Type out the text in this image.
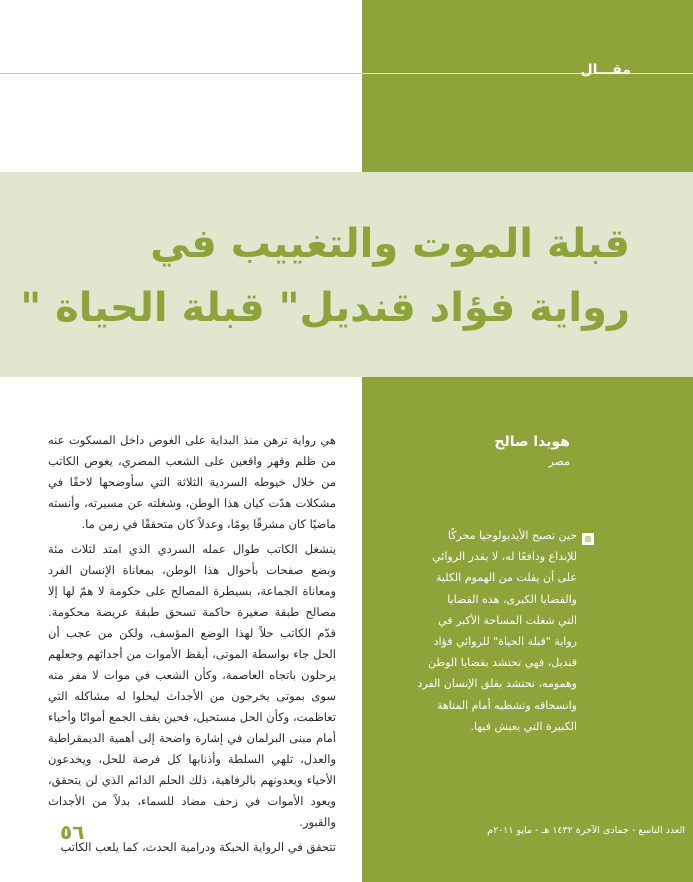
مقـــال
قبلة الموت والتغييب في
رواية فؤاد قنديل" قبلة الحياة "
هويدا صالح
مصر
حين تصبح الأيديولوجيا محركًا
للإبداع ودافعًا له، لا يقدر الروائي
على أن يفلت من الهموم الكلية
والقضايا الكبرى، هذه القضايا
التي شغلت المساحة الأكبر في
رواية "قبلة الحياة" للروائي فؤاد
قنديل، فهي تحتشد بقضايا الوطن
وهمومه، تحتشد بقلق الإنسان الفرد
وانسحاقه وتشظيه أمام المتاهة
الكبيرة التي يعيش فيها.

هي رواية ترهن منذ البداية على الغوص داخل المسكوت عنه من ظلم وقهر واقعين على الشعب المصري، يغوص الكاتب من خلال خيوطه السردية الثلاثة التي سأوضحها لاحقًا في مشكلات هدّت كيان هذا الوطن، وشغلته عن مسيرته، وأنسته ماضيًا كان مشرقًا يومًا، وعدلاً كان متحققًا في زمن ما.

ينشغل الكاتب طوال عمله السردي الذي امتد لثلاث مئة وبضع صفحات بأحوال هذا الوطن، بمعاناة الإنسان الفرد ومعاناة الجماعة، بسيطرة المصالح على حكومة لا همّ لها إلا مصالح طبقة صغيرة حاكمة تسحق طبقة عريضة محكومة. قدّم الكاتب حلاً لهذا الوضع المؤسف، ولكن من عجب أن الحل جاء بواسطة الموتى، أيقظ الأموات من أجداثهم وجعلهم يرحلون باتجاه العاصمة، وكأن الشعب في موات لا مفر منه سوى بموتى يخرجون من الأجداث ليحلوا له مشاكله التي تعاظمت، وكأن الحل مستحيل، فحين يقف الجمع أمواتًا وأحياء أمام مبنى البرلمان في إشارة واضحة إلى أهمية الديمقراطية والعدل، تلهي السلطة وأذنابها كل فرصة للحل، ويخدعون الأحياء ويعدونهم بالرفاهية، ذلك الحلم الدائم الذي لن يتحقق، ويعود الأموات في زحف مضاد للسماء، بدلاً من الأجداث والقبور.

تتحقق في الرواية الحبكة ودرامية الحدث، كما يلعب الكاتب

٥٦	العدد التاسع - جمادى الآخرة ١٤٣٢ هـ - مايو ٢٠١١م
